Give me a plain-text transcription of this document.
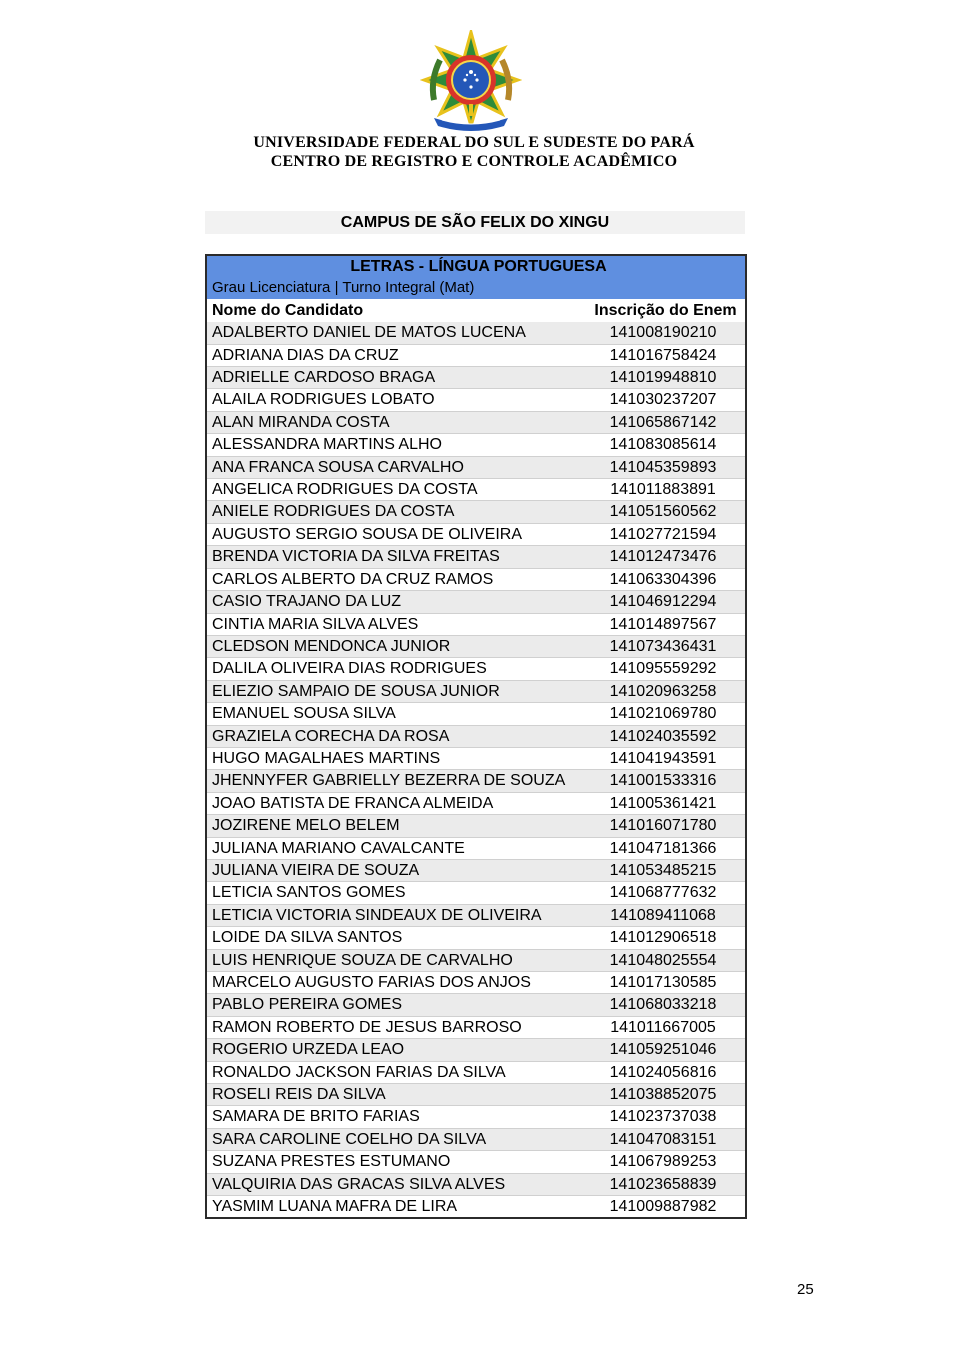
UNIVERSIDADE FEDERAL DO SUL E SUDESTE DO PARÁ
CENTRO DE REGISTRO E CONTROLE ACADÊMICO
CAMPUS DE SÃO FELIX DO XINGU
LETRAS - LÍNGUA PORTUGUESA	
Grau Licenciatura | Turno Integral (Mat)	
Nome do Candidato	Inscrição do Enem
ADALBERTO DANIEL DE MATOS LUCENA	141008190210
ADRIANA DIAS DA CRUZ	141016758424
ADRIELLE CARDOSO BRAGA	141019948810
ALAILA RODRIGUES LOBATO	141030237207
ALAN MIRANDA COSTA	141065867142
ALESSANDRA MARTINS ALHO	141083085614
ANA FRANCA SOUSA CARVALHO	141045359893
ANGELICA RODRIGUES DA COSTA	141011883891
ANIELE RODRIGUES DA COSTA	141051560562
AUGUSTO SERGIO SOUSA DE OLIVEIRA	141027721594
BRENDA VICTORIA DA SILVA FREITAS	141012473476
CARLOS ALBERTO DA CRUZ RAMOS	141063304396
CASIO TRAJANO DA LUZ	141046912294
CINTIA MARIA SILVA ALVES	141014897567
CLEDSON MENDONCA JUNIOR	141073436431
DALILA OLIVEIRA DIAS RODRIGUES	141095559292
ELIEZIO SAMPAIO DE SOUSA JUNIOR	141020963258
EMANUEL SOUSA SILVA	141021069780
GRAZIELA CORECHA DA ROSA	141024035592
HUGO MAGALHAES MARTINS	141041943591
JHENNYFER GABRIELLY BEZERRA DE SOUZA	141001533316
JOAO BATISTA DE FRANCA ALMEIDA	141005361421
JOZIRENE MELO BELEM	141016071780
JULIANA MARIANO CAVALCANTE	141047181366
JULIANA VIEIRA DE SOUZA	141053485215
LETICIA SANTOS GOMES	141068777632
LETICIA VICTORIA SINDEAUX DE OLIVEIRA	141089411068
LOIDE DA SILVA SANTOS	141012906518
LUIS HENRIQUE SOUZA DE CARVALHO	141048025554
MARCELO AUGUSTO FARIAS DOS ANJOS	141017130585
PABLO PEREIRA GOMES	141068033218
RAMON ROBERTO DE JESUS BARROSO	141011667005
ROGERIO URZEDA LEAO	141059251046
RONALDO JACKSON FARIAS DA SILVA	141024056816
ROSELI REIS DA SILVA	141038852075
SAMARA DE BRITO FARIAS	141023737038
SARA CAROLINE COELHO DA SILVA	141047083151
SUZANA PRESTES ESTUMANO	141067989253
VALQUIRIA DAS GRACAS SILVA ALVES	141023658839
YASMIM LUANA MAFRA DE LIRA	141009887982
25
